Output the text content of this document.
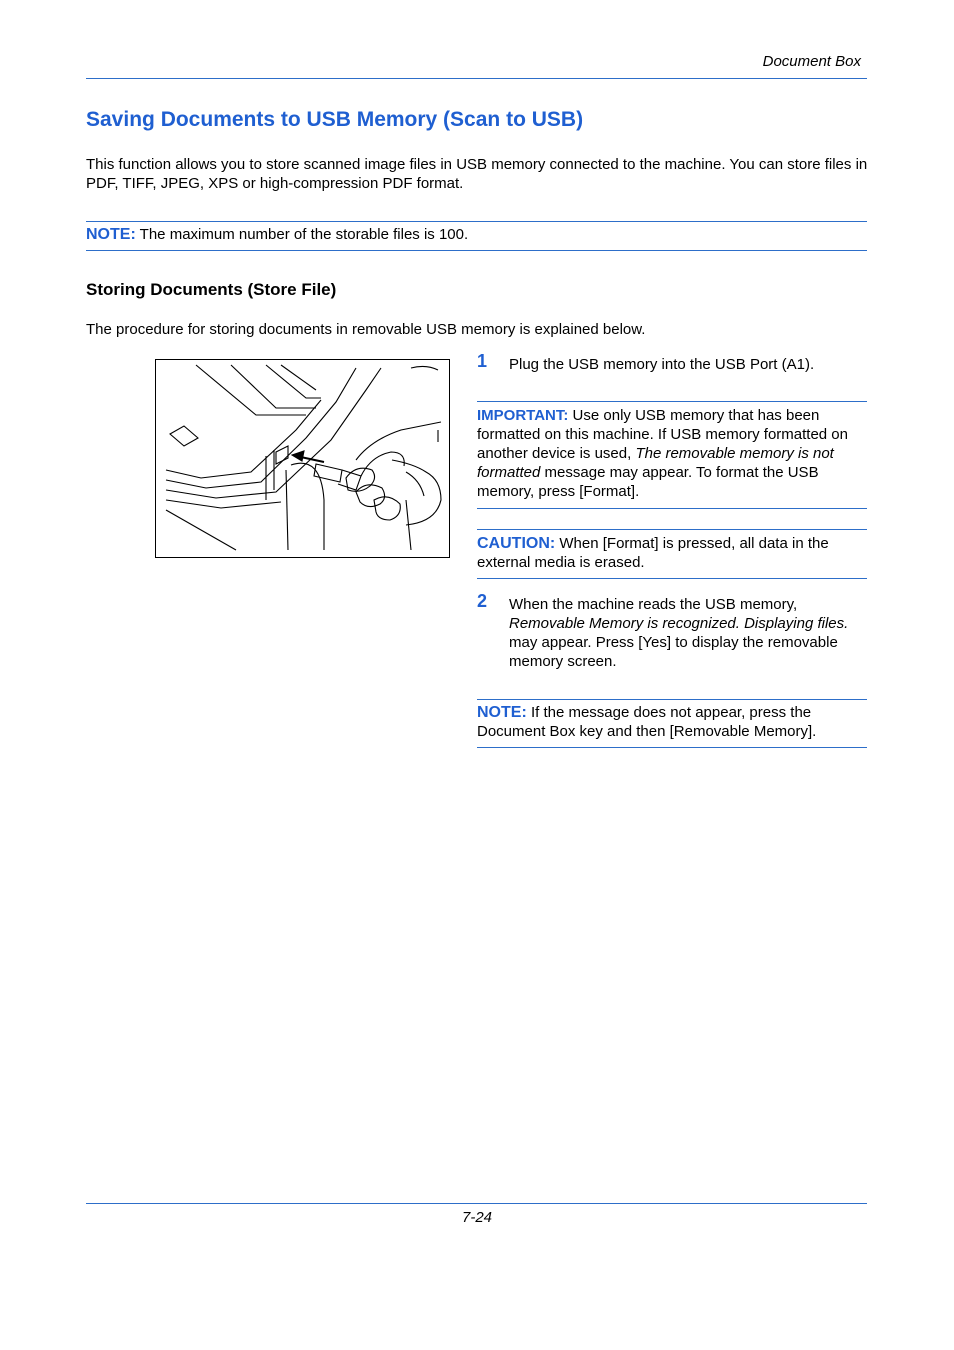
Document Box
Saving Documents to USB Memory (Scan to USB)
This function allows you to store scanned image files in USB memory connected to the machine. You can store files in PDF, TIFF, JPEG, XPS or high-compression PDF format.
NOTE: The maximum number of the storable files is 100.
Storing Documents (Store File)
The procedure for storing documents in removable USB memory is explained below.
1 Plug the USB memory into the USB Port (A1).
IMPORTANT: Use only USB memory that has been formatted on this machine. If USB memory formatted on another device is used, The removable memory is not formatted message may appear. To format the USB memory, press [Format].
CAUTION: When [Format] is pressed, all data in the external media is erased.
2 When the machine reads the USB memory, Removable Memory is recognized. Displaying files. may appear. Press [Yes] to display the removable memory screen.
NOTE: If the message does not appear, press the Document Box key and then [Removable Memory].
7-24
